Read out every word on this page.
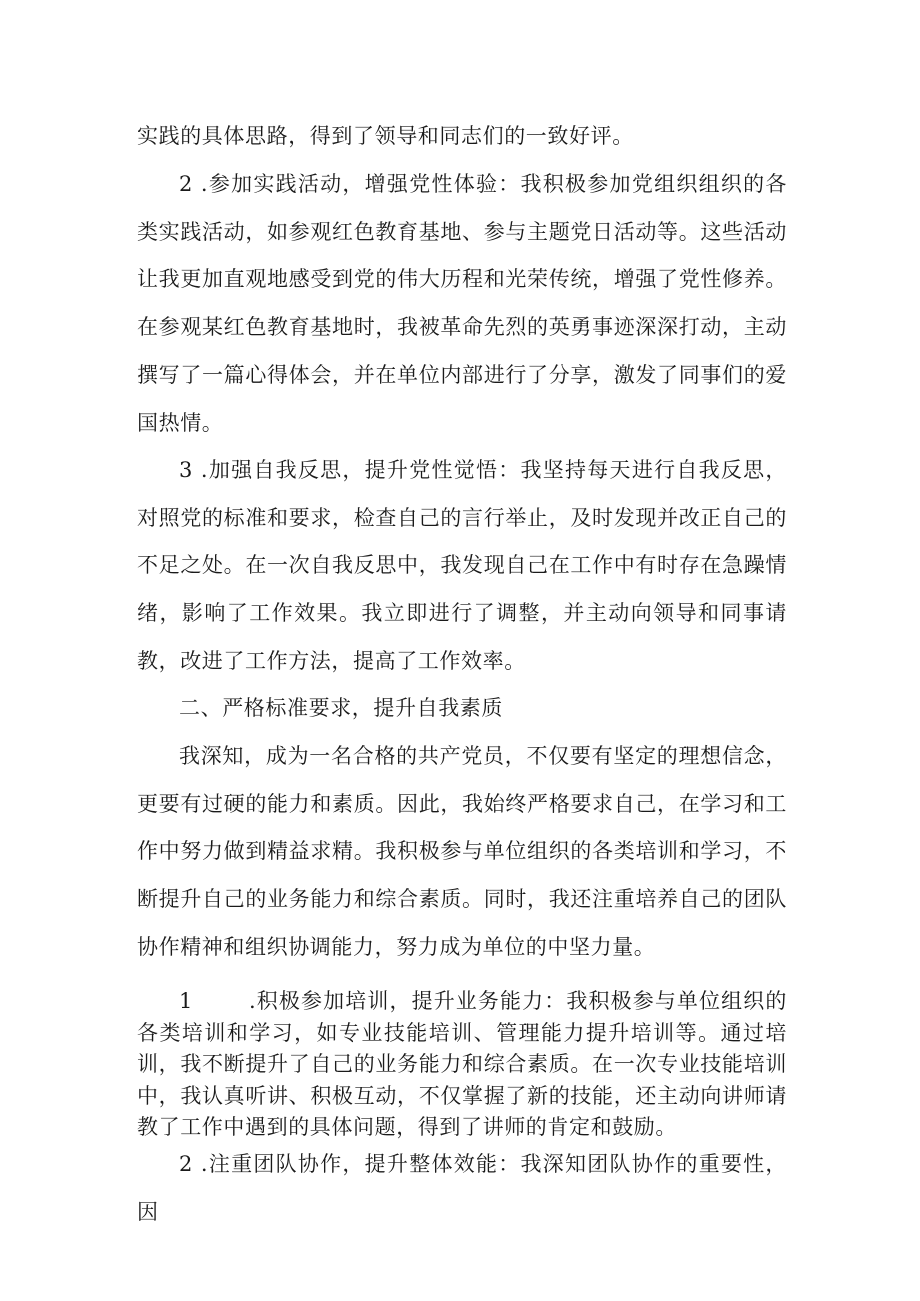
实践的具体思路，得到了领导和同志们的一致好评。

2 .参加实践活动，增强党性体验：我积极参加党组织组织的各类实践活动，如参观红色教育基地、参与主题党日活动等。这些活动让我更加直观地感受到党的伟大历程和光荣传统，增强了党性修养。在参观某红色教育基地时，我被革命先烈的英勇事迹深深打动，主动撰写了一篇心得体会，并在单位内部进行了分享，激发了同事们的爱国热情。

3 .加强自我反思，提升党性觉悟：我坚持每天进行自我反思，对照党的标准和要求，检查自己的言行举止，及时发现并改正自己的不足之处。在一次自我反思中，我发现自己在工作中有时存在急躁情绪，影响了工作效果。我立即进行了调整，并主动向领导和同事请教，改进了工作方法，提高了工作效率。

二、严格标准要求，提升自我素质

我深知，成为一名合格的共产党员，不仅要有坚定的理想信念，更要有过硬的能力和素质。因此，我始终严格要求自己，在学习和工作中努力做到精益求精。我积极参与单位组织的各类培训和学习，不断提升自己的业务能力和综合素质。同时，我还注重培养自己的团队协作精神和组织协调能力，努力成为单位的中坚力量。

1	.积极参加培训，提升业务能力：我积极参与单位组织的各类培训和学习，如专业技能培训、管理能力提升培训等。通过培训，我不断提升了自己的业务能力和综合素质。在一次专业技能培训中，我认真听讲、积极互动，不仅掌握了新的技能，还主动向讲师请教了工作中遇到的具体问题，得到了讲师的肯定和鼓励。

2 .注重团队协作，提升整体效能：我深知团队协作的重要性，因
